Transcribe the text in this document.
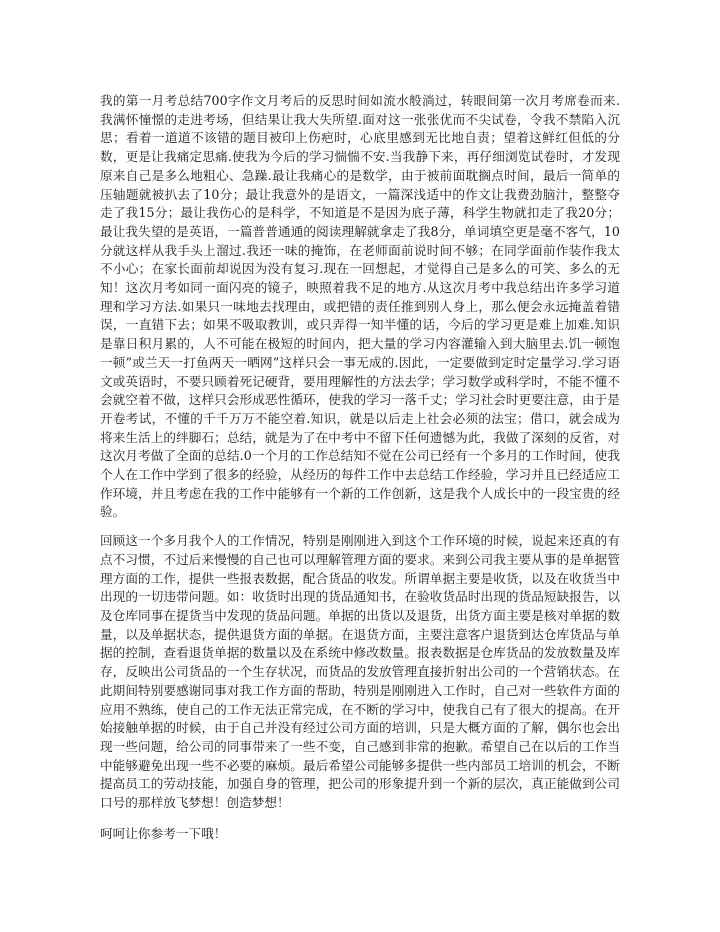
我的第一月考总结700字作文月考后的反思时间如流水般淌过，转眼间第一次月考席卷而来.我满怀憧憬的走进考场，但结果让我大失所望.面对这一张张优而不尖试卷，令我不禁陷入沉思；看着一道道不该错的题目被印上伤疤时，心底里感到无比地自责；望着这鲜红但低的分数，更是让我痛定思痛.使我为今后的学习惴惴不安.当我静下来，再仔细浏览试卷时，才发现原来自己是多么地粗心、急躁.最让我痛心的是数学，由于被前面耽搁点时间，最后一简单的压轴题就被扒去了10分；最让我意外的是语文，一篇深浅适中的作文让我费劲脑汁，整整夺走了我15分；最让我伤心的是科学，不知道是不是因为底子薄，科学生物就扣走了我20分；最让我失望的是英语，一篇普普通通的阅读理解就拿走了我8分，单词填空更是毫不客气，10分就这样从我手头上溜过.我还一味的掩饰，在老师面前说时间不够；在同学面前作装作我太不小心；在家长面前却说因为没有复习.现在一回想起，才觉得自己是多么的可笑、多么的无知！这次月考如同一面闪亮的镜子，映照着我不足的地方.从这次月考中我总结出许多学习道理和学习方法.如果只一味地去找理由，或把错的责任推到别人身上，那么便会永远掩盖着错误，一直错下去；如果不吸取教训，或只弄得一知半懂的话，今后的学习更是难上加难.知识是靠日积月累的，人不可能在极短的时间内，把大量的学习内容灌输入到大脑里去.饥一顿饱一顿”或兰天一打鱼两天一晒网”这样只会一事无成的.因此，一定要做到定时定量学习.学习语文或英语时，不要只顾着死记硬背，要用理解性的方法去学；学习数学或科学时，不能不懂不会就空着不做，这样只会形成恶性循环，使我的学习一落千丈；学习社会时更要注意，由于是开卷考试，不懂的千千万万不能空着.知识，就是以后走上社会必须的法宝；借口，就会成为将来生活上的绊脚石；总结，就是为了在中考中不留下任何遗憾为此，我做了深刻的反省，对这次月考做了全面的总结.0一个月的工作总结知不觉在公司已经有一个多月的工作时间，使我个人在工作中学到了很多的经验，从经历的每件工作中去总结工作经验，学习并且已经适应工作环境，并且考虑在我的工作中能够有一个新的工作创新，这是我个人成长中的一段宝贵的经验。

回顾这一个多月我个人的工作情况，特别是刚刚进入到这个工作环境的时候，说起来还真的有点不习惯，不过后来慢慢的自己也可以理解管理方面的要求。来到公司我主要从事的是单据管理方面的工作，提供一些报表数据，配合货品的收发。所谓单据主要是收货，以及在收货当中出现的一切违带问题。如：收货时出现的货品通知书，在验收货品时出现的货品短缺报告，以及仓库同事在提货当中发现的货品问题。单据的出货以及退货，出货方面主要是核对单据的数量，以及单据状态，提供退货方面的单据。在退货方面，主要注意客户退货到达仓库货品与单据的控制，查看退货单据的数量以及在系统中修改数量。报表数据是仓库货品的发放数量及库存，反映出公司货品的一个生存状况，而货品的发放管理直接折射出公司的一个营销状态。在此期间特别要感谢同事对我工作方面的帮助，特别是刚刚进入工作时，自己对一些软件方面的应用不熟练，使自己的工作无法正常完成，在不断的学习中，使我自己有了很大的提高。在开始接触单据的时候，由于自己并没有经过公司方面的培训，只是大概方面的了解，偶尔也会出现一些问题，给公司的同事带来了一些不变，自己感到非常的抱歉。希望自己在以后的工作当中能够避免出现一些不必要的麻烦。最后希望公司能够多提供一些内部员工培训的机会，不断提高员工的劳动技能，加强自身的管理，把公司的形象提升到一个新的层次，真正能做到公司口号的那样放飞梦想！创造梦想！

呵呵让你参考一下哦！
